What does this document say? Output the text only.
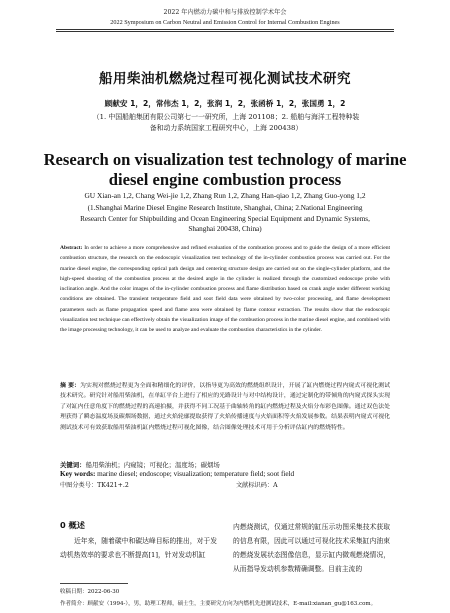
2022 年内燃动力碳中和与排放控制学术年会
2022 Symposium on Carbon Neutral and Emission Control for Internal Combustion Engines
船用柴油机燃烧过程可视化测试技术研究
顾献安 1，2，常伟杰 1，2，张润 1，2，张函桥 1，2，张国勇 1，2
（1. 中国船舶集团有限公司第七一一研究所，上海 201108；2. 船舶与海洋工程特种装备和动力系统国家工程研究中心，上海 200438）
Research on visualization test technology of marine diesel engine combustion process
GU Xian-an 1,2, Chang Wei-jie 1,2, Zhang Run 1,2, Zhang Han-qiao 1,2, Zhang Guo-yong 1,2
(1.Shanghai Marine Diesel Engine Research Institute, Shanghai, China; 2.National Engineering Research Center for Shipbuilding and Ocean Engineering Special Equipment and Dynamic Systems, Shanghai 200438, China)
Abstract: In order to achieve a more comprehensive and refined evaluation of the combustion process and to guide the design of a more efficient combustion structure, the research on the endoscopic visualization test technology of the in-cylinder combustion process was carried out. For the marine diesel engine, the corresponding optical path design and centering structure design are carried out on the single-cylinder platform, and the high-speed shooting of the combustion process at the desired angle in the cylinder is realized through the customized endoscope probe with inclination angle. And the color images of the in-cylinder combustion process and flame distribution based on crank angle under different working conditions are obtained. The transient temperature field and soot field data were obtained by two-color processing, and flame development parameters such as flame propagation speed and flame area were obtained by flame contour extraction. The results show that the endoscopic visualization test technique can effectively obtain the visualization image of the combustion process in the marine diesel engine, and combined with the image processing technology, it can be used to analyze and evaluate the combustion characteristics in the cylinder.
摘 要：为实现对燃烧过程更为全面和精细化的评价，以指导更为高效的燃烧组织设计，开展了缸内燃烧过程内窥式可视化测试技术研究。研究针对船用柴油机，在单缸平台上进行了相应的光路设计与对中结构设计，通过定制化的带倾角的内窥式探头实现了对缸内任意角度下的燃烧过程的高速拍摄，并获得不同工况基于曲轴转角的缸内燃烧过程及火焰分布彩色图像。通过双色法处理获得了瞬态温度场及碳烟场数据，通过火焰轮廓提取获得了火焰传播速度与火焰面积等火焰发展参数。结果表明内窥式可视化测试技术可有效获取船用柴油机缸内燃烧过程可视化图像，结合图像处理技术可用于分析评估缸内的燃烧特性。
关键词：船用柴油机；内窥镜；可视化；温度场；碳烟场
Key words: marine diesel; endoscope; visualization; temperature field; soot field
中图分类号：TK421+.2	文献标识码：A
0 概述
近年来，随着碳中和碳达峰目标的推出，对于发动机热效率的要求也不断提高[1]，针对发动机缸
内燃烧测试，仅通过常规的缸压示功图采集技术获取的信息有限，因此可以通过可视化技术采集缸内油束的燃烧发展状态图像信息，显示缸内微观燃烧情况，从而指导发动机参数精确调整。目前主流的
收稿日期：2022-06-30
作者简介：顾献安（1994-），男，助理工程师，硕士生，主要研究方向为内燃机先进测试技术，E-mail:xianan_gu@163.com。
